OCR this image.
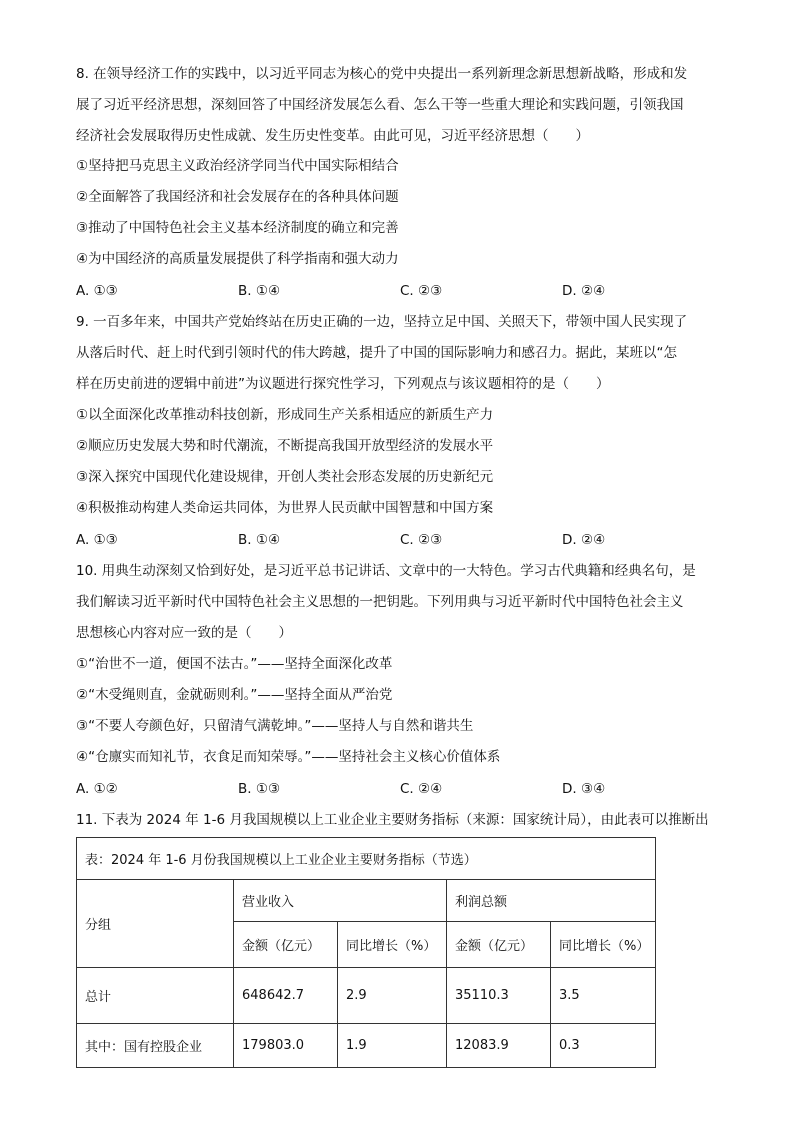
8. 在领导经济工作的实践中，以习近平同志为核心的党中央提出一系列新理念新思想新战略，形成和发
展了习近平经济思想，深刻回答了中国经济发展怎么看、怎么干等一些重大理论和实践问题，引领我国
经济社会发展取得历史性成就、发生历史性变革。由此可见，习近平经济思想（　　）
①坚持把马克思主义政治经济学同当代中国实际相结合
②全面解答了我国经济和社会发展存在的各种具体问题
③推动了中国特色社会主义基本经济制度的确立和完善
④为中国经济的高质量发展提供了科学指南和强大动力
A. ①③	B. ①④	C. ②③	D. ②④
9. 一百多年来，中国共产党始终站在历史正确的一边，坚持立足中国、关照天下，带领中国人民实现了
从落后时代、赶上时代到引领时代的伟大跨越，提升了中国的国际影响力和感召力。据此，某班以“怎
样在历史前进的逻辑中前进”为议题进行探究性学习，下列观点与该议题相符的是（　　）
①以全面深化改革推动科技创新，形成同生产关系相适应的新质生产力
②顺应历史发展大势和时代潮流，不断提高我国开放型经济的发展水平
③深入探究中国现代化建设规律，开创人类社会形态发展的历史新纪元
④积极推动构建人类命运共同体，为世界人民贡献中国智慧和中国方案
A. ①③	B. ①④	C. ②③	D. ②④
10. 用典生动深刻又恰到好处，是习近平总书记讲话、文章中的一大特色。学习古代典籍和经典名句，是
我们解读习近平新时代中国特色社会主义思想的一把钥匙。下列用典与习近平新时代中国特色社会主义
思想核心内容对应一致的是（　　）
①“治世不一道，便国不法古。”——坚持全面深化改革
②“木受绳则直，金就砺则利。”——坚持全面从严治党
③“不要人夸颜色好，只留清气满乾坤。”——坚持人与自然和谐共生
④“仓廪实而知礼节，衣食足而知荣辱。”——坚持社会主义核心价值体系
A. ①②	B. ①③	C. ②④	D. ③④
11. 下表为 2024 年 1-6 月我国规模以上工业企业主要财务指标（来源：国家统计局），由此表可以推断出
表：2024 年 1-6 月份我国规模以上工业企业主要财务指标（节选）				
分组	营业收入		利润总额	
	金额（亿元）	同比增长（%）	金额（亿元）	同比增长（%）
总计	648642.7	2.9	35110.3	3.5
其中：国有控股企业	179803.0	1.9	12083.9	0.3
